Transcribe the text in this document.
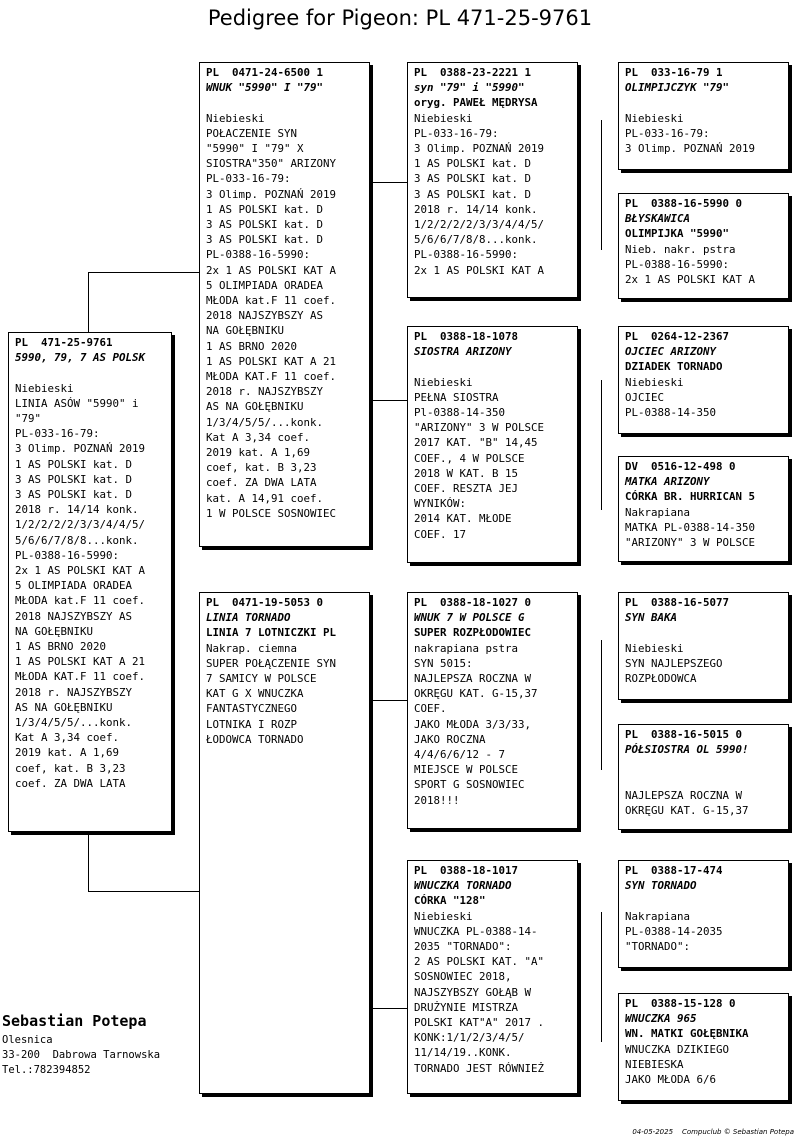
Pedigree for Pigeon: PL 471-25-9761
PL  471-25-9761
5990, 79, 7 AS POLSK

Niebieski
LINIA ASÓW "5990" i
"79"
PL-033-16-79:
3 Olimp. POZNAŃ 2019
1 AS POLSKI kat. D
3 AS POLSKI kat. D
3 AS POLSKI kat. D
2018 r. 14/14 konk.
1/2/2/2/2/3/3/4/4/5/
5/6/6/7/8/8...konk.
PL-0388-16-5990:
2x 1 AS POLSKI KAT A
5 OLIMPIADA ORADEA
MŁODA kat.F 11 coef.
2018 NAJSZYBSZY AS
NA GOŁĘBNIKU
1 AS BRNO 2020
1 AS POLSKI KAT A 21
MŁODA KAT.F 11 coef.
2018 r. NAJSZYBSZY
AS NA GOŁĘBNIKU
1/3/4/5/5/...konk.
Kat A 3,34 coef.
2019 kat. A 1,69
coef, kat. B 3,23
coef. ZA DWA LATA
PL  0471-24-6500 1
WNUK "5990" I "79"

Niebieski
POŁACZENIE SYN
"5990" I "79" X
SIOSTRA"350" ARIZONY
PL-033-16-79:
3 Olimp. POZNAŃ 2019
1 AS POLSKI kat. D
3 AS POLSKI kat. D
3 AS POLSKI kat. D
PL-0388-16-5990:
2x 1 AS POLSKI KAT A
5 OLIMPIADA ORADEA
MŁODA kat.F 11 coef.
2018 NAJSZYBSZY AS
NA GOŁĘBNIKU
1 AS BRNO 2020
1 AS POLSKI KAT A 21
MŁODA KAT.F 11 coef.
2018 r. NAJSZYBSZY
AS NA GOŁĘBNIKU
1/3/4/5/5/...konk.
Kat A 3,34 coef.
2019 kat. A 1,69
coef, kat. B 3,23
coef. ZA DWA LATA
kat. A 14,91 coef.
1 W POLSCE SOSNOWIEC
PL  0471-19-5053 0
LINIA TORNADO
LINIA 7 LOTNICZKI PL
Nakrap. ciemna
SUPER POŁĄCZENIE SYN
7 SAMICY W POLSCE
KAT G X WNUCZKA
FANTASTYCZNEGO
LOTNIKA I ROZP
ŁODOWCA TORNADO
PL  0388-23-2221 1
syn "79" i "5990"
oryg. PAWEŁ MĘDRYSA
Niebieski
PL-033-16-79:
3 Olimp. POZNAŃ 2019
1 AS POLSKI kat. D
3 AS POLSKI kat. D
3 AS POLSKI kat. D
2018 r. 14/14 konk.
1/2/2/2/2/3/3/4/4/5/
5/6/6/7/8/8...konk.
PL-0388-16-5990:
2x 1 AS POLSKI KAT A
PL  0388-18-1078
SIOSTRA ARIZONY

Niebieski
PEŁNA SIOSTRA
Pl-0388-14-350
"ARIZONY" 3 W POLSCE
2017 KAT. "B" 14,45
COEF., 4 W POLSCE
2018 W KAT. B 15
COEF. RESZTA JEJ
WYNIKÓW:
2014 KAT. MŁODE
COEF. 17
PL  0388-18-1027 0
WNUK 7 W POLSCE G
SUPER ROZPŁODOWIEC
nakrapiana pstra
SYN 5015:
NAJLEPSZA ROCZNA W
OKRĘGU KAT. G-15,37
COEF.
JAKO MŁODA 3/3/33,
JAKO ROCZNA
4/4/6/6/12 - 7
MIEJSCE W POLSCE
SPORT G SOSNOWIEC
2018!!!
PL  0388-18-1017
WNUCZKA TORNADO
CÓRKA "128"
Niebieski
WNUCZKA PL-0388-14-
2035 "TORNADO":
2 AS POLSKI KAT. "A"
SOSNOWIEC 2018,
NAJSZYBSZY GOŁĄB W
DRUŻYNIE MISTRZA
POLSKI KAT"A" 2017 .
KONK:1/1/2/3/4/5/
11/14/19..KONK.
TORNADO JEST RÓWNIEŻ
PL  033-16-79 1
OLIMPIJCZYK "79"

Niebieski
PL-033-16-79:
3 Olimp. POZNAŃ 2019
PL  0388-16-5990 0
BŁYSKAWICA
OLIMPIJKA "5990"
Nieb. nakr. pstra
PL-0388-16-5990:
2x 1 AS POLSKI KAT A
PL  0264-12-2367
OJCIEC ARIZONY
DZIADEK TORNADO
Niebieski
OJCIEC
PL-0388-14-350
DV  0516-12-498 0
MATKA ARIZONY
CÓRKA BR. HURRICAN 5
Nakrapiana
MATKA PL-0388-14-350
"ARIZONY" 3 W POLSCE
PL  0388-16-5077
SYN BAKA

Niebieski
SYN NAJLEPSZEGO
ROZPŁODOWCA
PL  0388-16-5015 0
PÓŁSIOSTRA OL 5990!

NAJLEPSZA ROCZNA W
OKRĘGU KAT. G-15,37
PL  0388-17-474
SYN TORNADO

Nakrapiana
PL-0388-14-2035
"TORNADO":
PL  0388-15-128 0
WNUCZKA 965
WN. MATKI GOŁĘBNIKA
WNUCZKA DZIKIEGO
NIEBIESKA
JAKO MŁODA 6/6
Sebastian Potepa
Olesnica
33-200  Dabrowa Tarnowska
Tel.:782394852
04-05-2025 Compuclub © Sebastian Potepa
